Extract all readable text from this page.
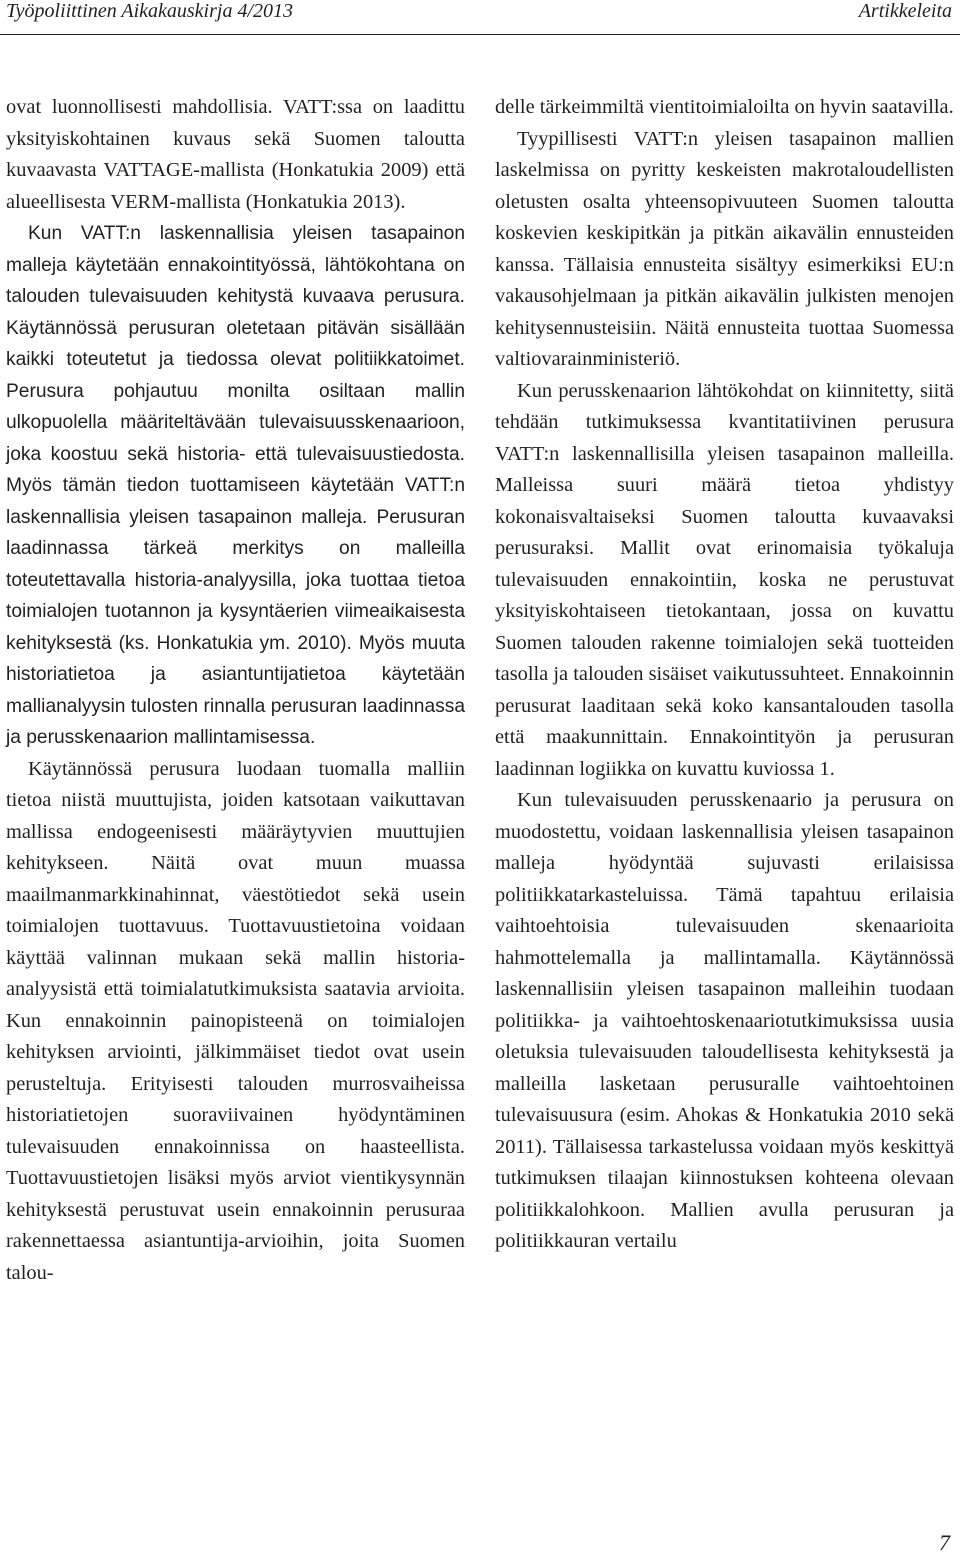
Työpoliittinen Aikakauskirja 4/2013	Artikkeleita

ovat luonnollisesti mahdollisia. VATT:ssa on laadittu yksityiskohtainen kuvaus sekä Suomen taloutta kuvaavasta VATTAGE-mallista (Honkatukia 2009) että alueellisesta VERM-mallista (Honkatukia 2013).

Kun VATT:n laskennallisia yleisen tasapainon malleja käytetään ennakointityössä, lähtökohtana on talouden tulevaisuuden kehitystä kuvaava perusura. Käytännössä perusuran oletetaan pitävän sisällään kaikki toteutetut ja tiedossa olevat politiikkatoimet. Perusura pohjautuu monilta osiltaan mallin ulkopuolella määriteltävään tulevaisuusskenaarioon, joka koostuu sekä historia- että tulevaisuustiedosta. Myös tämän tiedon tuottamiseen käytetään VATT:n laskennallisia yleisen tasapainon malleja. Perusuran laadinnassa tärkeä merkitys on malleilla toteutettavalla historia-analyysilla, joka tuottaa tietoa toimialojen tuotannon ja kysyntäerien viimeaikaisesta kehityksestä (ks. Honkatukia ym. 2010). Myös muuta historiatietoa ja asiantuntijatietoa käytetään mallianalyysin tulosten rinnalla perusuran laadinnassa ja perusskenaarion mallintamisessa.

Käytännössä perusura luodaan tuomalla malliin tietoa niistä muuttujista, joiden katsotaan vaikuttavan mallissa endogeenisesti määräytyvien muuttujien kehitykseen. Näitä ovat muun muassa maailmanmarkkinahinnat, väestötiedot sekä usein toimialojen tuottavuus. Tuottavuustietoina voidaan käyttää valinnan mukaan sekä mallin historia-analyysistä että toimialatutkimuksista saatavia arvioita. Kun ennakoinnin painopisteenä on toimialojen kehityksen arviointi, jälkimmäiset tiedot ovat usein perusteltuja. Erityisesti talouden murrosvaiheissa historiatietojen suoraviivainen hyödyntäminen tulevaisuuden ennakoinnissa on haasteellista. Tuottavuustietojen lisäksi myös arviot vientikysynnän kehityksestä perustuvat usein ennakoinnin perusuraa rakennettaessa asiantuntija-arvioihin, joita Suomen talou-

delle tärkeimmiltä vientitoimialoilta on hyvin saatavilla.

Tyypillisesti VATT:n yleisen tasapainon mallien laskelmissa on pyritty keskeisten makrotaloudellisten oletusten osalta yhteensopivuuteen Suomen taloutta koskevien keskipitkän ja pitkän aikavälin ennusteiden kanssa. Tällaisia ennusteita sisältyy esimerkiksi EU:n vakausohjelmaan ja pitkän aikavälin julkisten menojen kehitysennusteisiin. Näitä ennusteita tuottaa Suomessa valtiovarainministeriö.

Kun perusskenaarion lähtökohdat on kiinnitetty, siitä tehdään tutkimuksessa kvantitatiivinen perusura VATT:n laskennallisilla yleisen tasapainon malleilla. Malleissa suuri määrä tietoa yhdistyy kokonaisvaltaiseksi Suomen taloutta kuvaavaksi perusuraksi. Mallit ovat erinomaisia työkaluja tulevaisuuden ennakointiin, koska ne perustuvat yksityiskohtaiseen tietokantaan, jossa on kuvattu Suomen talouden rakenne toimialojen sekä tuotteiden tasolla ja talouden sisäiset vaikutussuhteet. Ennakoinnin perusurat laaditaan sekä koko kansantalouden tasolla että maakunnittain. Ennakointityön ja perusuran laadinnan logiikka on kuvattu kuviossa 1.

Kun tulevaisuuden perusskenaario ja perusura on muodostettu, voidaan laskennallisia yleisen tasapainon malleja hyödyntää sujuvasti erilaisissa politiikkatarkasteluissa. Tämä tapahtuu erilaisia vaihtoehtoisia tulevaisuuden skenaarioita hahmottelemalla ja mallintamalla. Käytännössä laskennallisiin yleisen tasapainon malleihin tuodaan politiikka- ja vaihtoehtoskenaariotutkimuksissa uusia oletuksia tulevaisuuden taloudellisesta kehityksestä ja malleilla lasketaan perusuralle vaihtoehtoinen tulevaisuusura (esim. Ahokas & Honkatukia 2010 sekä 2011). Tällaisessa tarkastelussa voidaan myös keskittyä tutkimuksen tilaajan kiinnostuksen kohteena olevaan politiikkalohkoon. Mallien avulla perusuran ja politiikkauran vertailu

7
